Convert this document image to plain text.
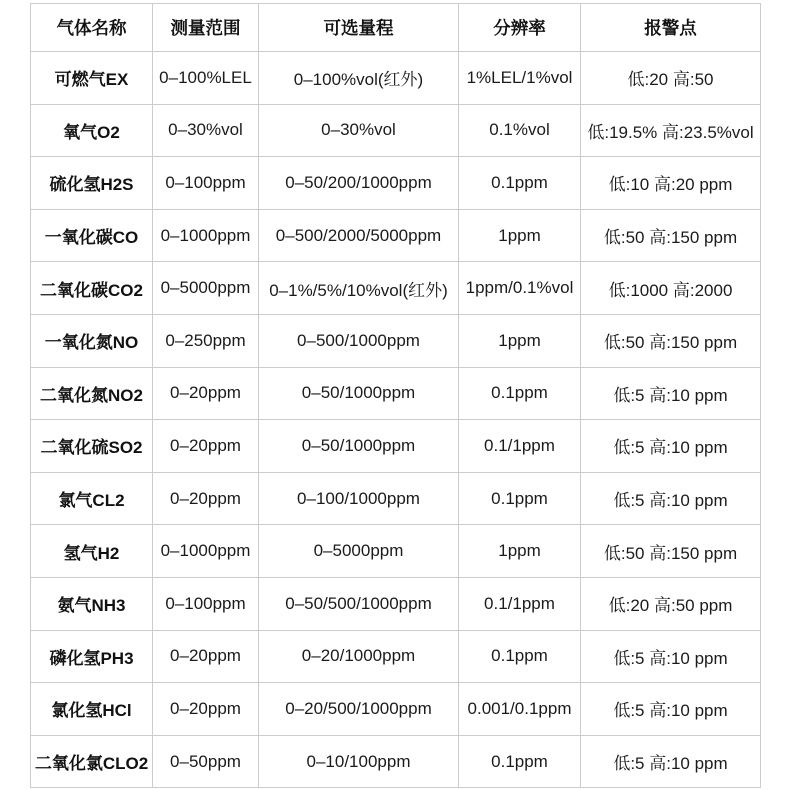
气体名称	测量范围	可选量程	分辨率	报警点
可燃气EX	0–100%LEL	0–100%vol(红外)	1%LEL/1%vol	低:20 高:50
氧气O2	0–30%vol	0–30%vol	0.1%vol	低:19.5% 高:23.5%vol
硫化氢H2S	0–100ppm	0–50/200/1000ppm	0.1ppm	低:10 高:20 ppm
一氧化碳CO	0–1000ppm	0–500/2000/5000ppm	1ppm	低:50 高:150 ppm
二氧化碳CO2	0–5000ppm	0–1%/5%/10%vol(红外)	1ppm/0.1%vol	低:1000 高:2000
一氧化氮NO	0–250ppm	0–500/1000ppm	1ppm	低:50 高:150 ppm
二氧化氮NO2	0–20ppm	0–50/1000ppm	0.1ppm	低:5 高:10 ppm
二氧化硫SO2	0–20ppm	0–50/1000ppm	0.1/1ppm	低:5 高:10 ppm
氯气CL2	0–20ppm	0–100/1000ppm	0.1ppm	低:5 高:10 ppm
氢气H2	0–1000ppm	0–5000ppm	1ppm	低:50 高:150 ppm
氨气NH3	0–100ppm	0–50/500/1000ppm	0.1/1ppm	低:20 高:50 ppm
磷化氢PH3	0–20ppm	0–20/1000ppm	0.1ppm	低:5 高:10 ppm
氯化氢HCl	0–20ppm	0–20/500/1000ppm	0.001/0.1ppm	低:5 高:10 ppm
二氧化氯CLO2	0–50ppm	0–10/100ppm	0.1ppm	低:5 高:10 ppm
